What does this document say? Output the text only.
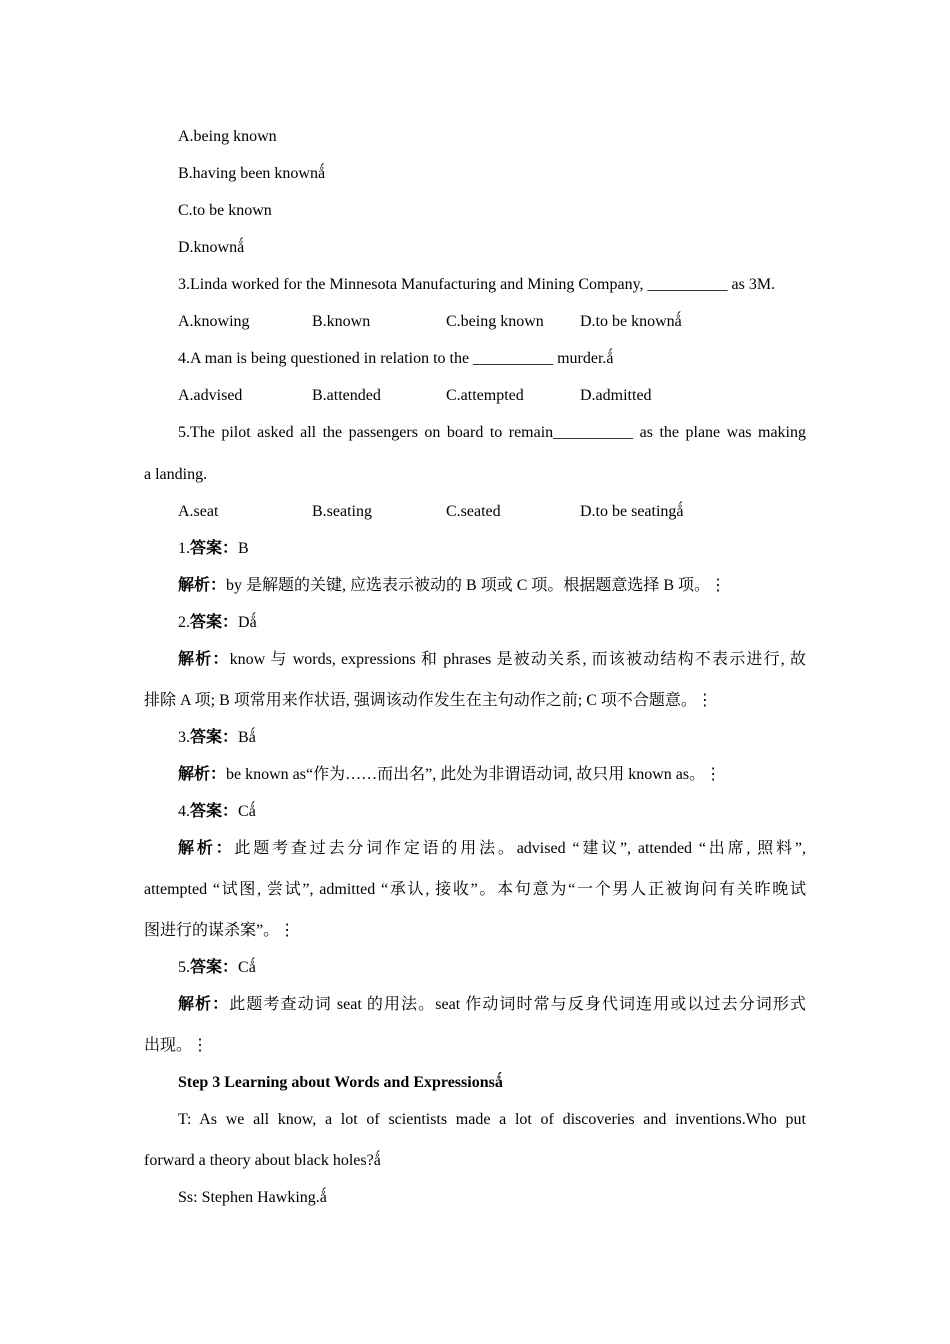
A.being known
B.having been knownǻ
C.to be known
D.knownǻ
3.Linda worked for the Minnesota Manufacturing and Mining Company, __________ as 3M.
A.knowing	B.known	C.being known D.to be knownǻ
4.A man is being questioned in relation to the __________ murder.ǻ
A.advised	B.attended	C.attempted	D.admitted
5.The pilot asked all the passengers on board to remain__________ as the plane was making
a landing.
A.seat	B.seating	C.seated	D.to be seatingǻ
1.答案：B
解析：by 是解题的关键, 应选表示被动的 B 项或 C 项。根据题意选择 B 项。⋮
2.答案：Dǻ
解析：know 与 words, expressions 和 phrases 是被动关系, 而该被动结构不表示进行, 故
排除 A 项; B 项常用来作状语, 强调该动作发生在主句动作之前; C 项不合题意。⋮
3.答案：Bǻ
解析：be known as“作为……而出名”, 此处为非谓语动词, 故只用 known as。⋮
4.答案：Cǻ
解析：此题考查过去分词作定语的用法。advised “建议”, attended “出席, 照料”,
attempted “试图, 尝试”, admitted “承认, 接收”。本句意为“一个男人正被询问有关昨晚试
图进行的谋杀案”。⋮
5.答案：Cǻ
解析：此题考查动词 seat 的用法。seat 作动词时常与反身代词连用或以过去分词形式
出现。⋮
Step 3 Learning about Words and Expressionsǻ
T: As we all know, a lot of scientists made a lot of discoveries and inventions.Who put
forward a theory about black holes?ǻ
Ss: Stephen Hawking.ǻ
